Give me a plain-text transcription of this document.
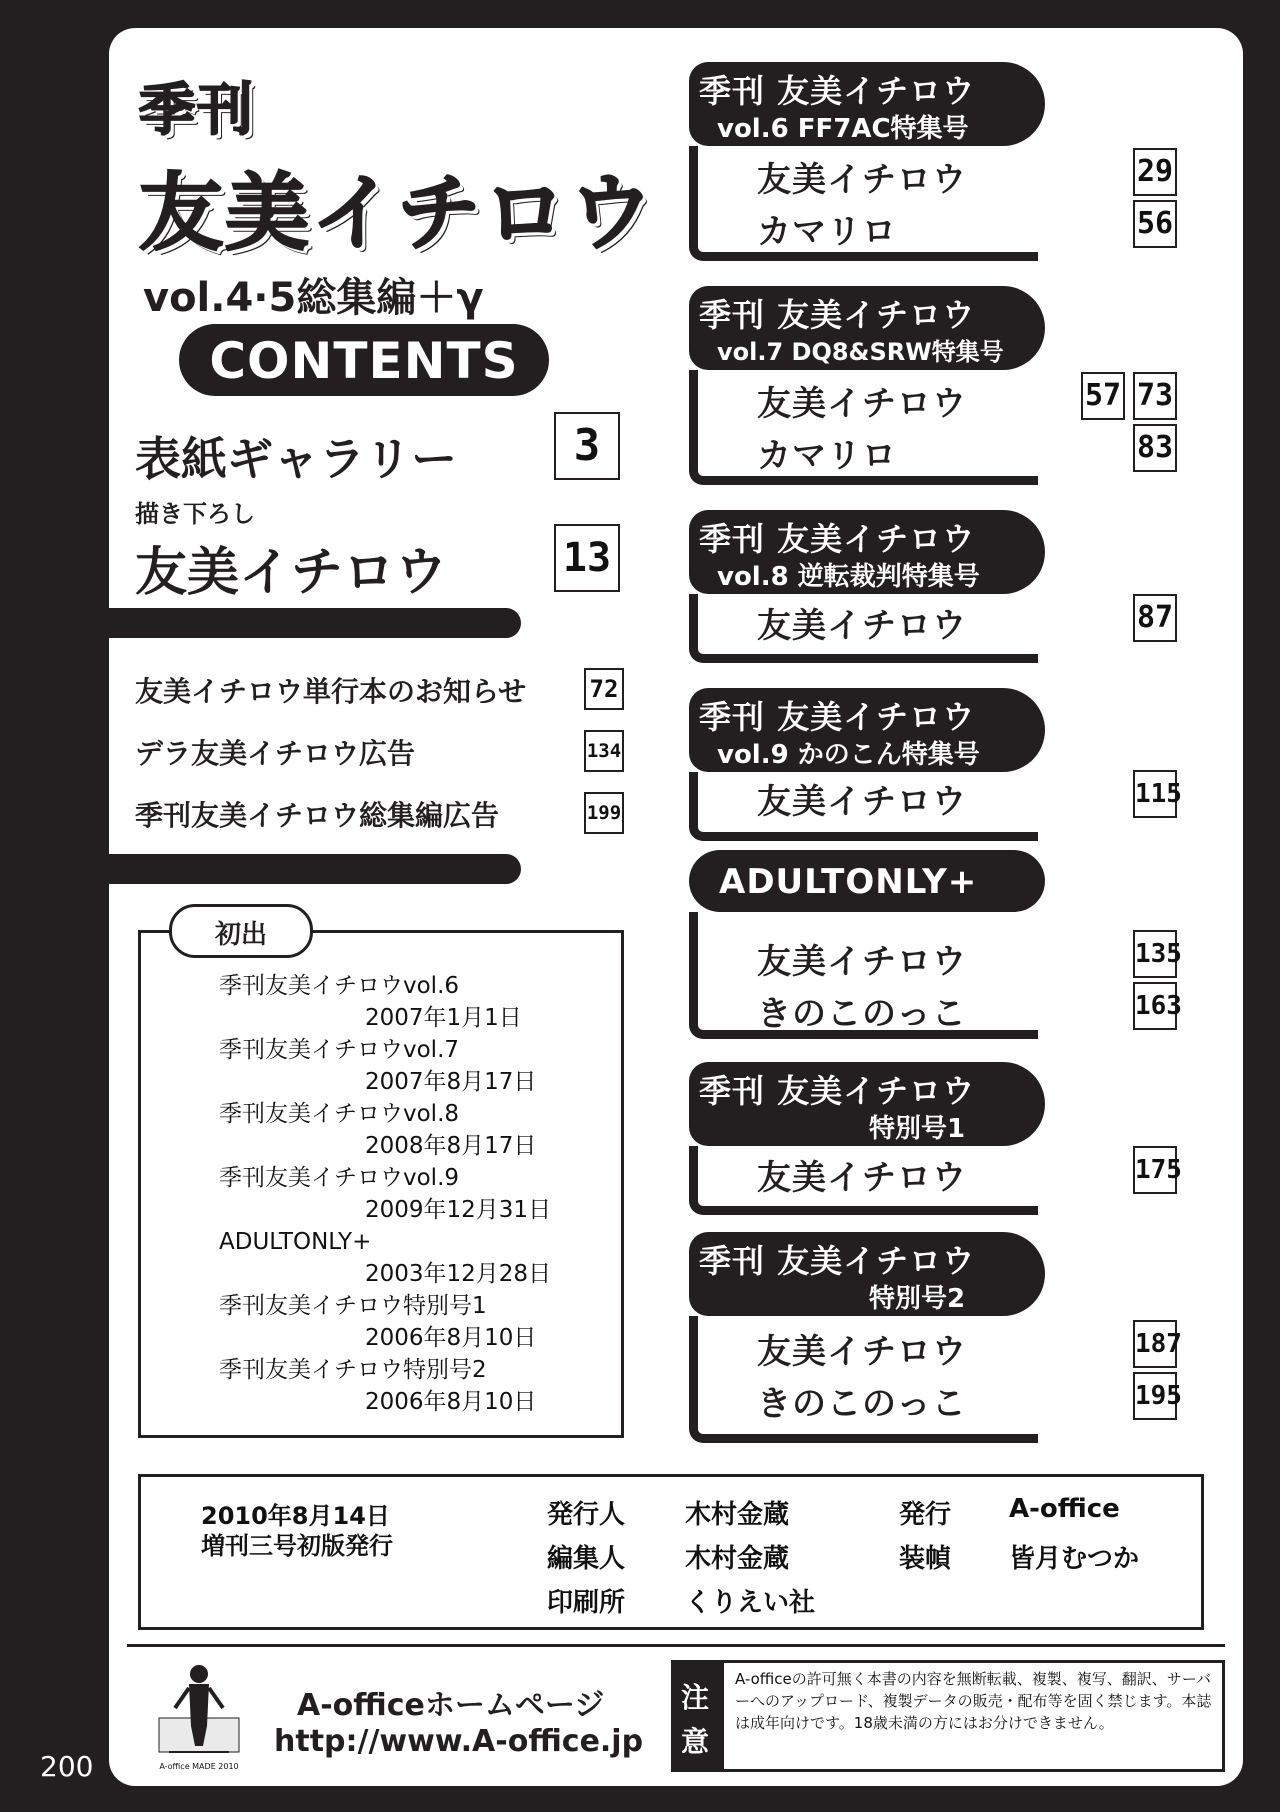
季刊
友美イチロウ
vol.4·5総集編＋γ
CONTENTS
表紙ギャラリー	3
描き下ろし
友美イチロウ	13
友美イチロウ単行本のお知らせ	72
デラ友美イチロウ広告	134
季刊友美イチロウ総集編広告	199
初出
季刊友美イチロウvol.6
2007年1月1日
季刊友美イチロウvol.7
2007年8月17日
季刊友美イチロウvol.8
2008年8月17日
季刊友美イチロウvol.9
2009年12月31日
ADULTONLY+
2003年12月28日
季刊友美イチロウ特別号1
2006年8月10日
季刊友美イチロウ特別号2
2006年8月10日
季刊 友美イチロウ
vol.6 FF7AC特集号
友美イチロウ	29
カマリロ	56
季刊 友美イチロウ
vol.7 DQ8&SRW特集号
友美イチロウ	57 73
カマリロ	83
季刊 友美イチロウ
vol.8 逆転裁判特集号
友美イチロウ	87
季刊 友美イチロウ
vol.9 かのこん特集号
友美イチロウ	115
ADULTONLY+
友美イチロウ	135
きのこのっこ	163
季刊 友美イチロウ
特別号1
友美イチロウ	175
季刊 友美イチロウ
特別号2
友美イチロウ	187
きのこのっこ	195
2010年8月14日
増刊三号初版発行
発行人 木村金蔵	発行 A-office
編集人 木村金蔵	装幀 皆月むつか
印刷所 くりえい社
A-office MADE 2010
A-officeホームページ
http://www.A-office.jp
注意
A-officeの許可無く本書の内容を無断転載、複製、複写、翻訳、サーバーへのアップロード、複製データの販売・配布等を固く禁じます。本誌は成年向けです。18歳未満の方にはお分けできません。
200
